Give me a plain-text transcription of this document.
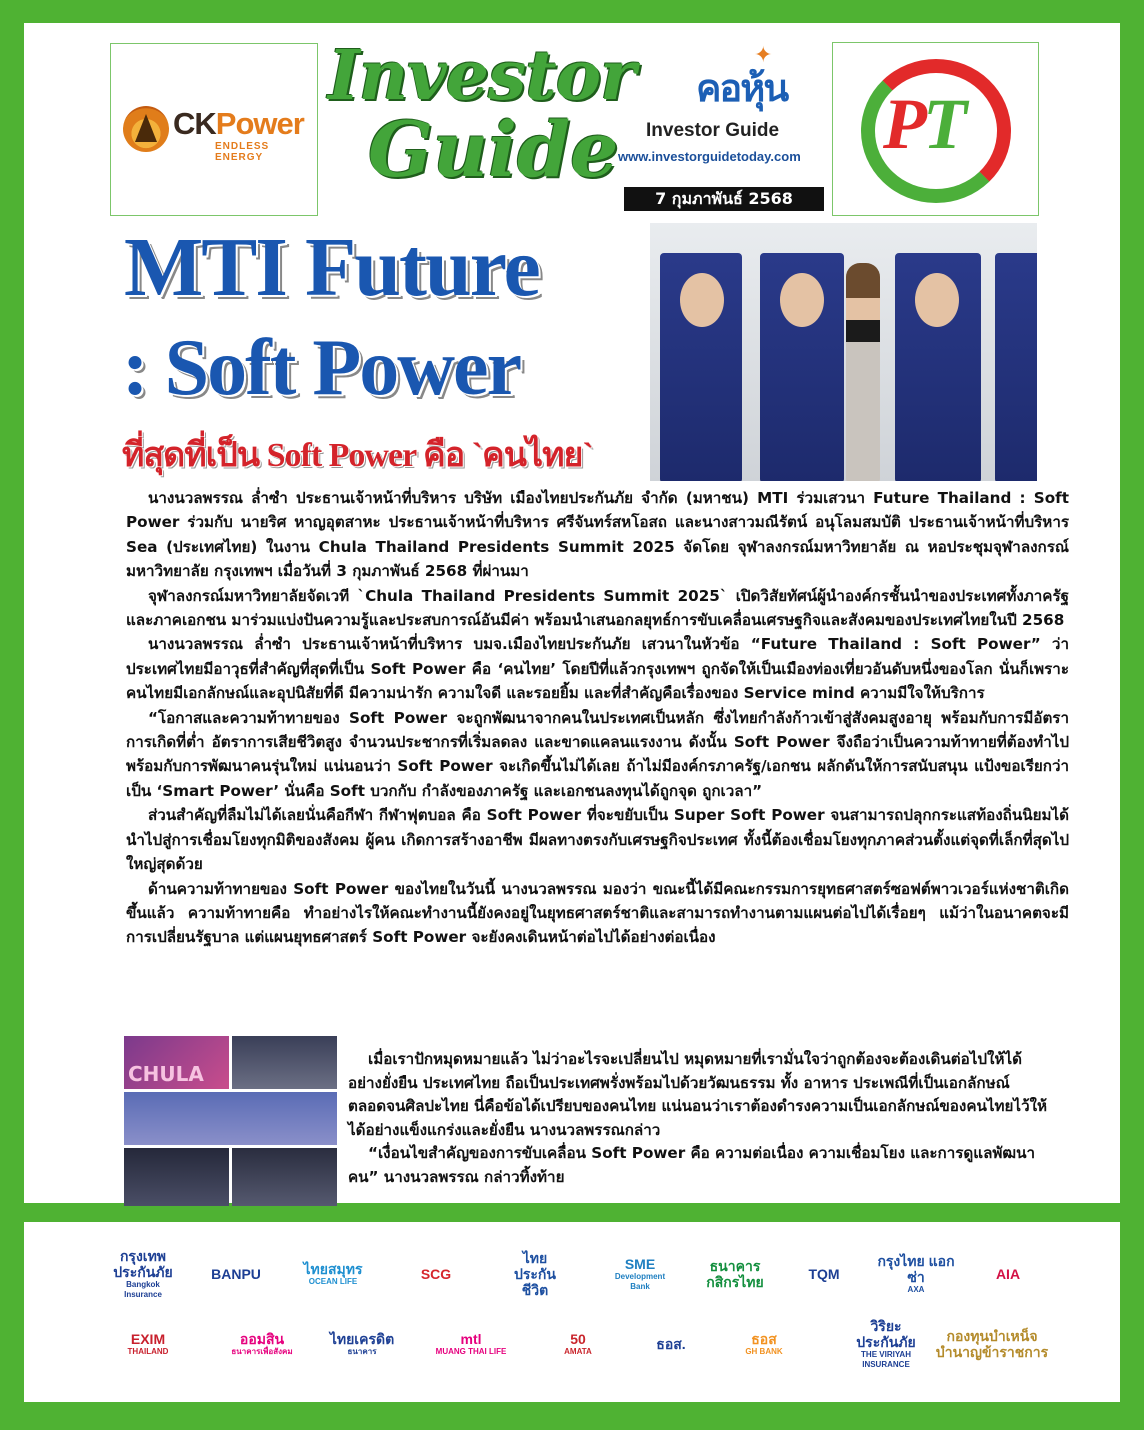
CKPower
ENDLESS ENERGY
Investor
Guide
✦
คอหุ้น
Investor Guide
www.investorguidetoday.com
7 กุมภาพันธ์ 2568
PT
MTI Future
: Soft Power
ที่สุดที่เป็น Soft Power คือ `คนไทย`

นางนวลพรรณ ล่ำซำ ประธานเจ้าหน้าที่บริหาร บริษัท เมืองไทยประกันภัย จำกัด (มหาชน) MTI ร่วมเสวนา Future Thailand : Soft Power ร่วมกับ นายริศ หาญอุตสาหะ ประธานเจ้าหน้าที่บริหาร ศรีจันทร์สหโอสถ และนางสาวมณีรัตน์ อนุโลมสมบัติ ประธานเจ้าหน้าที่บริหาร Sea (ประเทศไทย) ในงาน Chula Thailand Presidents Summit 2025 จัดโดย จุฬาลงกรณ์มหาวิทยาลัย ณ หอประชุมจุฬาลงกรณ์มหาวิทยาลัย กรุงเทพฯ เมื่อวันที่ 3 กุมภาพันธ์ 2568 ที่ผ่านมา

จุฬาลงกรณ์มหาวิทยาลัยจัดเวที `Chula Thailand Presidents Summit 2025` เปิดวิสัยทัศน์ผู้นำองค์กรชั้นนำของประเทศทั้งภาครัฐและภาคเอกชน มาร่วมแบ่งปันความรู้และประสบการณ์อันมีค่า พร้อมนำเสนอกลยุทธ์การขับเคลื่อนเศรษฐกิจและสังคมของประเทศไทยในปี 2568

นางนวลพรรณ ล่ำซำ ประธานเจ้าหน้าที่บริหาร บมจ.เมืองไทยประกันภัย เสวนาในหัวข้อ “Future Thailand : Soft Power” ว่าประเทศไทยมีอาวุธที่สำคัญที่สุดที่เป็น Soft Power คือ ‘คนไทย’ โดยปีที่แล้วกรุงเทพฯ ถูกจัดให้เป็นเมืองท่องเที่ยวอันดับหนึ่งของโลก นั่นก็เพราะคนไทยมีเอกลักษณ์และอุปนิสัยที่ดี มีความน่ารัก ความใจดี และรอยยิ้ม และที่สำคัญคือเรื่องของ Service mind ความมีใจให้บริการ

“โอกาสและความท้าทายของ Soft Power จะถูกพัฒนาจากคนในประเทศเป็นหลัก ซึ่งไทยกำลังก้าวเข้าสู่สังคมสูงอายุ พร้อมกับการมีอัตราการเกิดที่ต่ำ อัตราการเสียชีวิตสูง จำนวนประชากรที่เริ่มลดลง และขาดแคลนแรงงาน ดังนั้น Soft Power จึงถือว่าเป็นความท้าทายที่ต้องทำไปพร้อมกับการพัฒนาคนรุ่นใหม่ แน่นอนว่า Soft Power จะเกิดขึ้นไม่ได้เลย ถ้าไม่มีองค์กรภาครัฐ/เอกชน ผลักดันให้การสนับสนุน แป้งขอเรียกว่าเป็น ‘Smart Power’ นั่นคือ Soft บวกกับ กำลังของภาครัฐ และเอกชนลงทุนได้ถูกจุด ถูกเวลา”

ส่วนสำคัญที่ลืมไม่ได้เลยนั่นคือกีฬา กีฬาฟุตบอล คือ Soft Power ที่จะขยับเป็น Super Soft Power จนสามารถปลุกกระแสท้องถิ่นนิยมได้ นำไปสู่การเชื่อมโยงทุกมิติของสังคม ผู้คน เกิดการสร้างอาชีพ มีผลทางตรงกับเศรษฐกิจประเทศ ทั้งนี้ต้องเชื่อมโยงทุกภาคส่วนตั้งแต่จุดที่เล็กที่สุดไปใหญ่สุดด้วย

ด้านความท้าทายของ Soft Power ของไทยในวันนี้ นางนวลพรรณ มองว่า ขณะนี้ได้มีคณะกรรมการยุทธศาสตร์ซอฟต์พาวเวอร์แห่งชาติเกิดขึ้นแล้ว ความท้าทายคือ ทำอย่างไรให้คณะทำงานนี้ยังคงอยู่ในยุทธศาสตร์ชาติและสามารถทำงานตามแผนต่อไปได้เรื่อยๆ แม้ว่าในอนาคตจะมีการเปลี่ยนรัฐบาล แต่แผนยุทธศาสตร์ Soft Power จะยังคงเดินหน้าต่อไปได้อย่างต่อเนื่อง

CHULA

เมื่อเราปักหมุดหมายแล้ว ไม่ว่าอะไรจะเปลี่ยนไป หมุดหมายที่เรามั่นใจว่าถูกต้องจะต้องเดินต่อไปให้ได้อย่างยั่งยืน ประเทศไทย ถือเป็นประเทศพรั่งพร้อมไปด้วยวัฒนธรรม ทั้ง อาหาร ประเพณีที่เป็นเอกลักษณ์ ตลอดจนศิลปะไทย นี่คือข้อได้เปรียบของคนไทย แน่นอนว่าเราต้องดำรงความเป็นเอกลักษณ์ของคนไทยไว้ให้ได้อย่างแข็งแกร่งและยั่งยืน นางนวลพรรณกล่าว

“เงื่อนไขสำคัญของการขับเคลื่อน Soft Power คือ ความต่อเนื่อง ความเชื่อมโยง และการดูแลพัฒนาคน” นางนวลพรรณ กล่าวทิ้งท้าย

กรุงเทพประกันภัย
Bangkok Insurance
BANPU	ไทยสมุทร
OCEAN LIFE	SCG
ไทยประกันชีวิต
SME
Development Bank
ธนาคารกสิกรไทย	TQM
กรุงไทย แอกซ่า
AXA
AIA
EXIM
THAILAND
ออมสิน
ธนาคารเพื่อสังคม
ไทยเครดิต
ธนาคาร
mtl
MUANG THAI LIFE
50
AMATA	ธอส.	ธอส
GH BANK
วิริยะประกันภัย
THE VIRIYAH INSURANCE
กองทุนบำเหน็จบำนาญข้าราชการ
